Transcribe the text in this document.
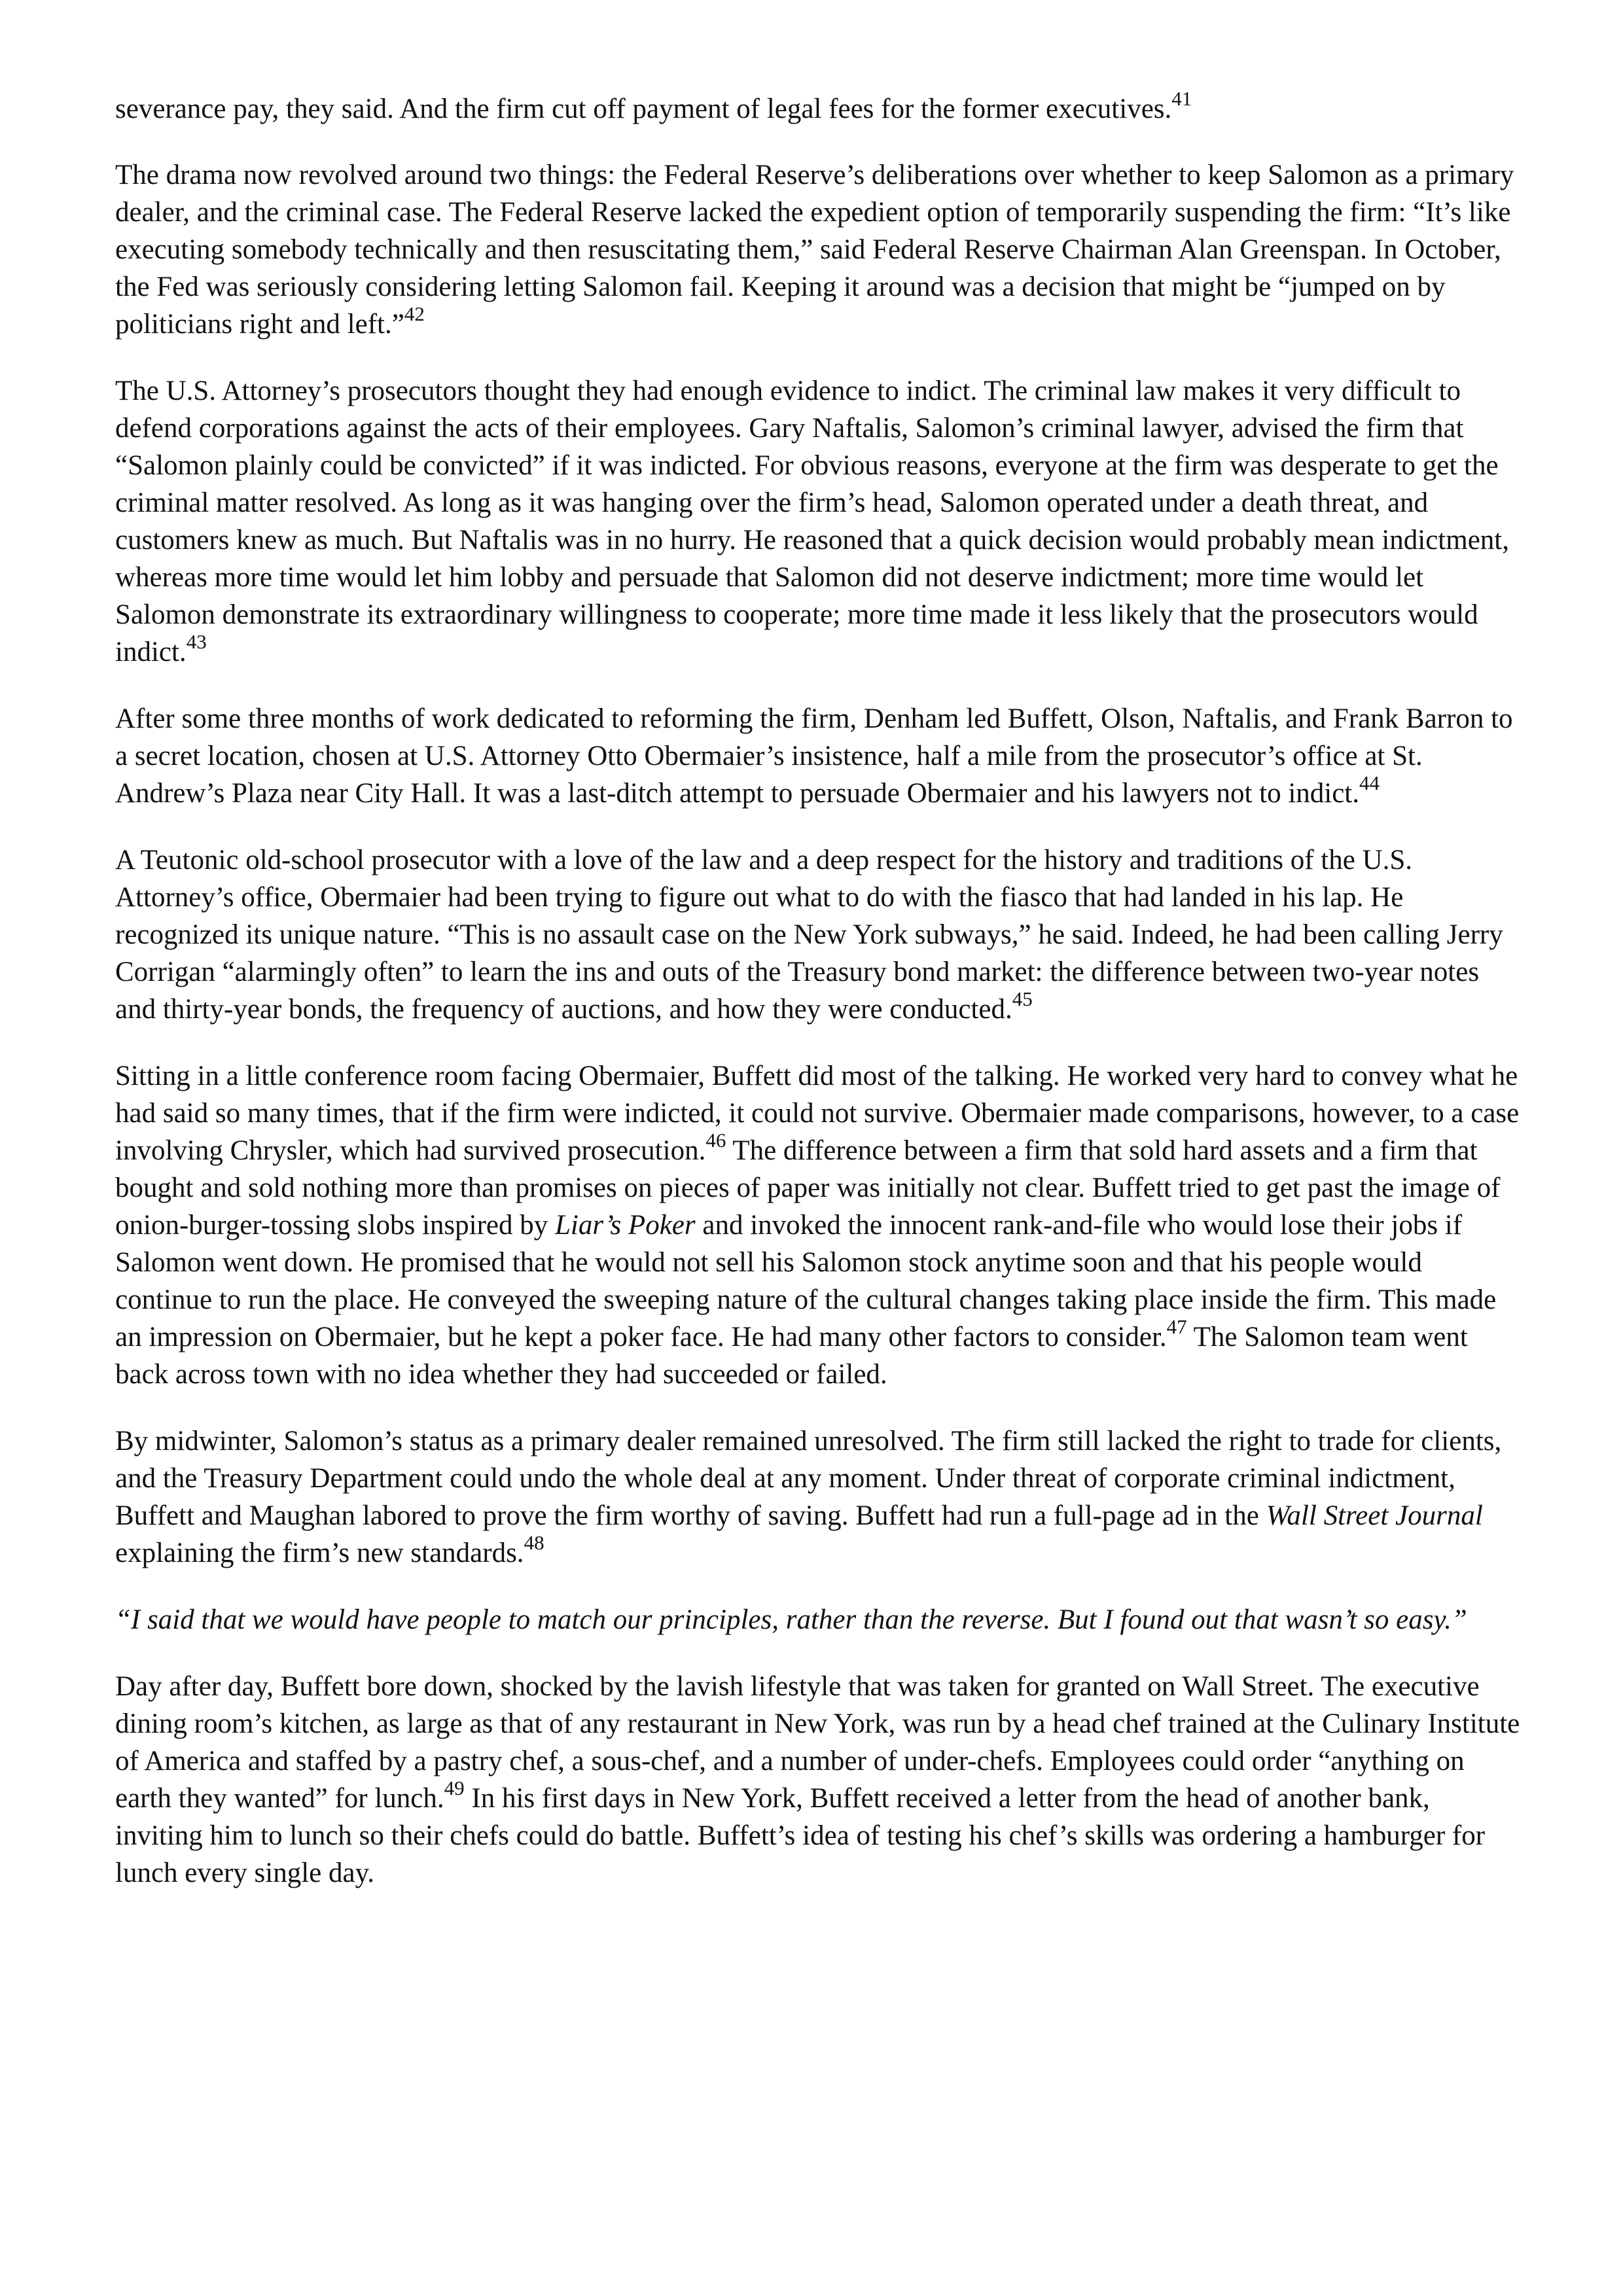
severance pay, they said. And the firm cut off payment of legal fees for the former executives.$^{41}$

The drama now revolved around two things: the Federal Reserve’s deliberations over whether to keep Salomon as a primary dealer, and the criminal case. The Federal Reserve lacked the expedient option of temporarily suspending the firm: “It’s like executing somebody technically and then resuscitating them,” said Federal Reserve Chairman Alan Greenspan. In October, the Fed was seriously considering letting Salomon fail. Keeping it around was a decision that might be “jumped on by politicians right and left.”$^{42}$

The U.S. Attorney’s prosecutors thought they had enough evidence to indict. The criminal law makes it very difficult to defend corporations against the acts of their employees. Gary Naftalis, Salomon’s criminal lawyer, advised the firm that “Salomon plainly could be convicted” if it was indicted. For obvious reasons, everyone at the firm was desperate to get the criminal matter resolved. As long as it was hanging over the firm’s head, Salomon operated under a death threat, and customers knew as much. But Naftalis was in no hurry. He reasoned that a quick decision would probably mean indictment, whereas more time would let him lobby and persuade that Salomon did not deserve indictment; more time would let Salomon demonstrate its extraordinary willingness to cooperate; more time made it less likely that the prosecutors would indict.$^{43}$

After some three months of work dedicated to reforming the firm, Denham led Buffett, Olson, Naftalis, and Frank Barron to a secret location, chosen at U.S. Attorney Otto Obermaier’s insistence, half a mile from the prosecutor’s office at St. Andrew’s Plaza near City Hall. It was a last-ditch attempt to persuade Obermaier and his lawyers not to indict.$^{44}$

A Teutonic old-school prosecutor with a love of the law and a deep respect for the history and traditions of the U.S. Attorney’s office, Obermaier had been trying to figure out what to do with the fiasco that had landed in his lap. He recognized its unique nature. “This is no assault case on the New York subways,” he said. Indeed, he had been calling Jerry Corrigan “alarmingly often” to learn the ins and outs of the Treasury bond market: the difference between two-year notes and thirty-year bonds, the frequency of auctions, and how they were conducted.$^{45}$

Sitting in a little conference room facing Obermaier, Buffett did most of the talking. He worked very hard to convey what he had said so many times, that if the firm were indicted, it could not survive. Obermaier made comparisons, however, to a case involving Chrysler, which had survived prosecution.$^{46}$ The difference between a firm that sold hard assets and a firm that bought and sold nothing more than promises on pieces of paper was initially not clear. Buffett tried to get past the image of onion-burger-tossing slobs inspired by Liar’s Poker and invoked the innocent rank-and-file who would lose their jobs if Salomon went down. He promised that he would not sell his Salomon stock anytime soon and that his people would continue to run the place. He conveyed the sweeping nature of the cultural changes taking place inside the firm. This made an impression on Obermaier, but he kept a poker face. He had many other factors to consider.$^{47}$ The Salomon team went back across town with no idea whether they had succeeded or failed.

By midwinter, Salomon’s status as a primary dealer remained unresolved. The firm still lacked the right to trade for clients, and the Treasury Department could undo the whole deal at any moment. Under threat of corporate criminal indictment, Buffett and Maughan labored to prove the firm worthy of saving. Buffett had run a full-page ad in the Wall Street Journal explaining the firm’s new standards.$^{48}$

“I said that we would have people to match our principles, rather than the reverse. But I found out that wasn’t so easy.”

Day after day, Buffett bore down, shocked by the lavish lifestyle that was taken for granted on Wall Street. The executive dining room’s kitchen, as large as that of any restaurant in New York, was run by a head chef trained at the Culinary Institute of America and staffed by a pastry chef, a sous-chef, and a number of under-chefs. Employees could order “anything on earth they wanted” for lunch.$^{49}$ In his first days in New York, Buffett received a letter from the head of another bank, inviting him to lunch so their chefs could do battle. Buffett’s idea of testing his chef’s skills was ordering a hamburger for lunch every single day.
